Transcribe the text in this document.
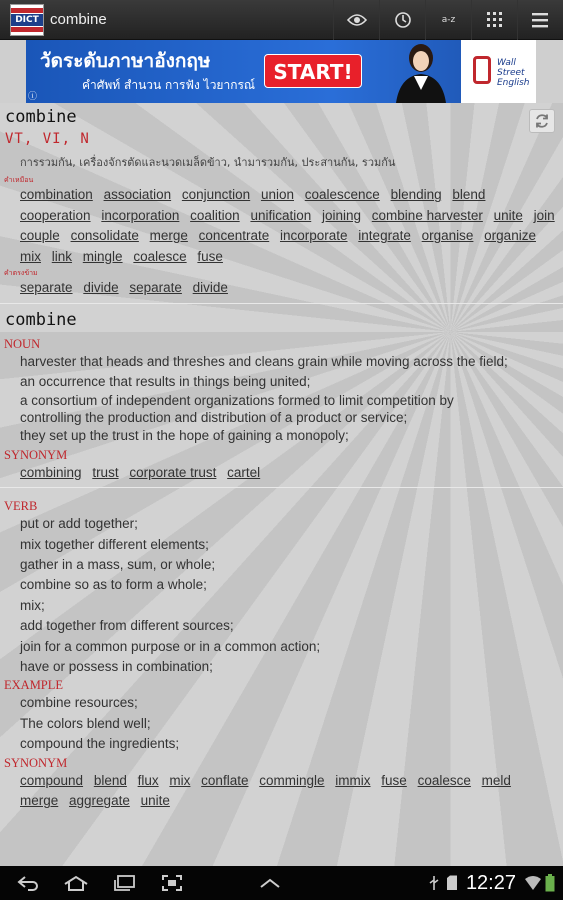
DICT combine	a-z
วัดระดับภาษาอังกฤษ
คำศัพท์ สำนวน การฟัง ไวยากรณ์
START!	Wall Street English
ⓘ
combine
VT, VI, N
การรวมกัน, เครื่องจักรตัดและนวดเมล็ดข้าว, นำมารวมกัน, ประสานกัน, รวมกัน
คำเหมือน
combination association conjunction union coalescence blending blend cooperation incorporation coalition unification joining combine harvester unite join couple consolidate merge concentrate incorporate integrate organise organize mix link mingle coalesce fuse
คำตรงข้าม
separate divide separate divide
combine
NOUN
harvester that heads and threshes and cleans grain while moving across the field;
an occurrence that results in things being united;
a consortium of independent organizations formed to limit competition by
controlling the production and distribution of a product or service;
they set up the trust in the hope of gaining a monopoly;
SYNONYM
combining trust corporate trust cartel
VERB
put or add together;
mix together different elements;
gather in a mass, sum, or whole;
combine so as to form a whole;
mix;
add together from different sources;
join for a common purpose or in a common action;
have or possess in combination;
EXAMPLE
combine resources;
The colors blend well;
compound the ingredients;
SYNONYM
compound blend flux mix conflate commingle immix fuse coalesce meld merge aggregate unite
12:27
